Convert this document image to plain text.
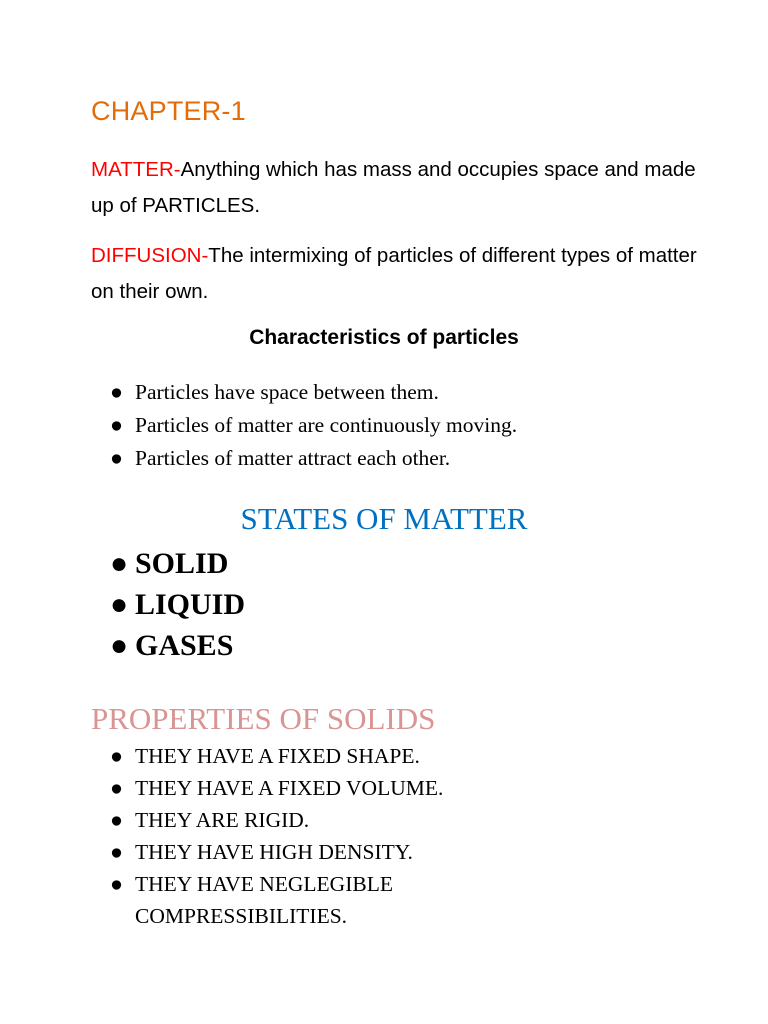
CHAPTER-1

MATTER-Anything which has mass and occupies space and made up of PARTICLES.

DIFFUSION-The intermixing of particles of different types of matter on their own.

Characteristics of particles
● Particles have space between them.
● Particles of matter are continuously moving.
● Particles of matter attract each other.
STATES OF MATTER
● SOLID
● LIQUID
● GASES
PROPERTIES OF SOLIDS
● THEY HAVE A FIXED SHAPE.
● THEY HAVE A FIXED VOLUME.
● THEY ARE RIGID.
● THEY HAVE HIGH DENSITY.
● THEY HAVE NEGLEGIBLE COMPRESSIBILITIES.
